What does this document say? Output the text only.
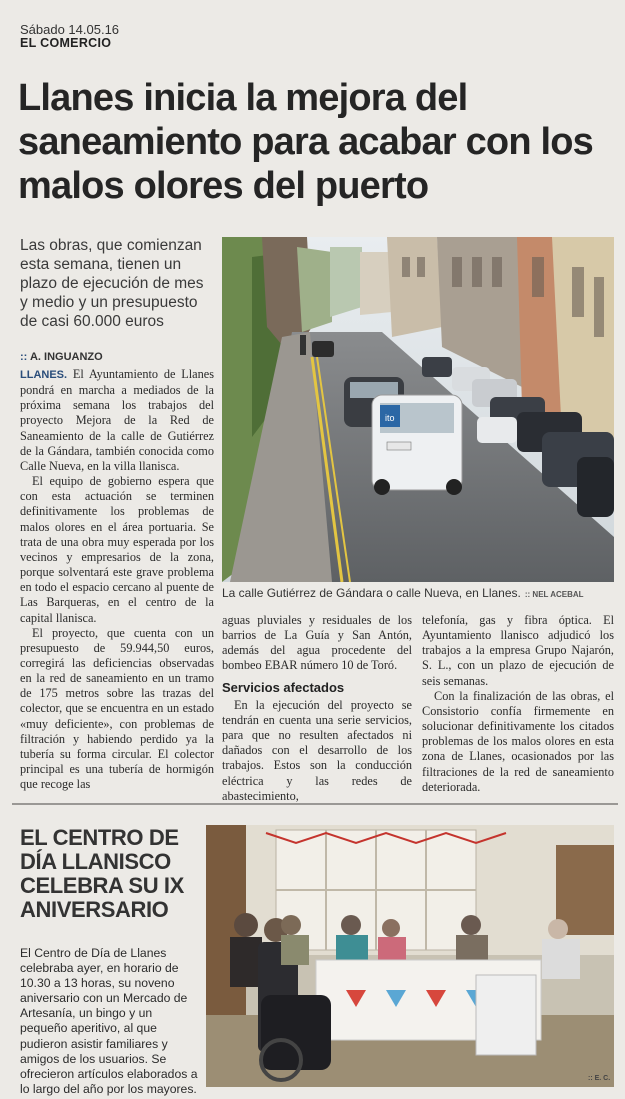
Sábado 14.05.16
EL COMERCIO
Llanes inicia la mejora del saneamiento para acabar con los malos olores del puerto
Las obras, que comienzan esta semana, tienen un plazo de ejecución de mes y medio y un presupuesto de casi 60.000 euros
:: A. INGUANZO

LLANES. El Ayuntamiento de Llanes pondrá en marcha a mediados de la próxima semana los trabajos del proyecto Mejora de la Red de Saneamiento de la calle de Gutiérrez de la Gándara, también conocida como Calle Nueva, en la villa llanisca.

El equipo de gobierno espera que con esta actuación se terminen definitivamente los problemas de malos olores en el área portuaria. Se trata de una obra muy esperada por los vecinos y empresarios de la zona, porque solventará este grave problema en todo el espacio cercano al puente de Las Barqueras, en el centro de la capital llanisca.

El proyecto, que cuenta con un presupuesto de 59.944,50 euros, corregirá las deficiencias observadas en la red de saneamiento en un tramo de 175 metros sobre las trazas del colector, que se encuentra en un estado «muy deficiente», con problemas de filtración y habiendo perdido ya la tubería su forma circular. El colector principal es una tubería de hormigón que recoge las

ito
La calle Gutiérrez de Gándara o calle Nueva, en Llanes. :: NEL ACEBAL

aguas pluviales y residuales de los barrios de La Guía y San Antón, además del agua procedente del bombeo EBAR número 10 de Toró.

Servicios afectados

En la ejecución del proyecto se tendrán en cuenta una serie servicios, para que no resulten afectados ni dañados con el desarrollo de los trabajos. Estos son la conducción eléctrica y las redes de abastecimiento,

telefonía, gas y fibra óptica. El Ayuntamiento llanisco adjudicó los trabajos a la empresa Grupo Najarón, S. L., con un plazo de ejecución de seis semanas.

Con la finalización de las obras, el Consistorio confía firmemente en solucionar definitivamente los citados problemas de los malos olores en esta zona de Llanes, ocasionados por las filtraciones de la red de saneamiento deteriorada.

EL CENTRO DE DÍA LLANISCO CELEBRA SU IX ANIVERSARIO
El Centro de Día de Llanes celebraba ayer, en horario de 10.30 a 13 horas, su noveno aniversario con un Mercado de Artesanía, un bingo y un pequeño aperitivo, al que pudieron asistir familiares y amigos de los usuarios. Se ofrecieron artículos elaborados a lo largo del año por los mayores.
:: E. C.
